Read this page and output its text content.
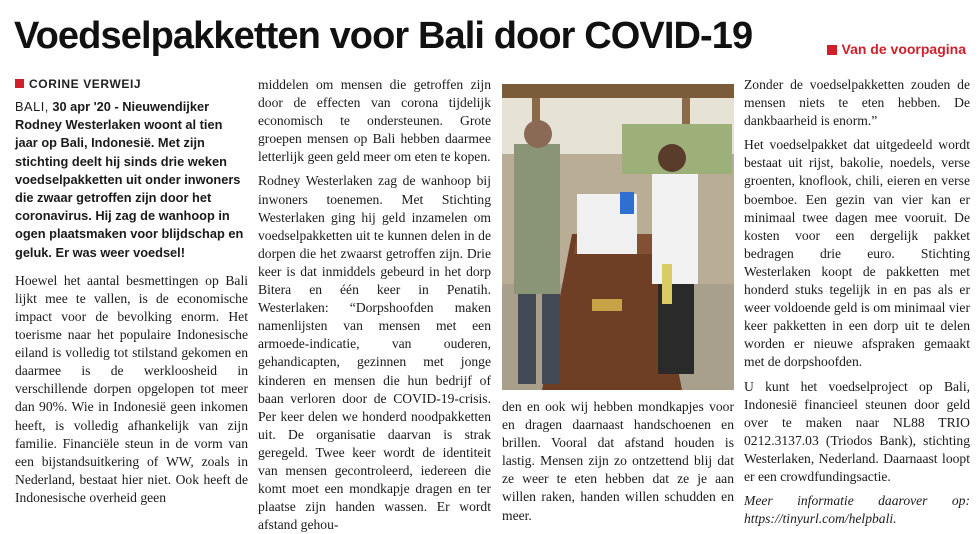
Voedselpakketten voor Bali door COVID-19	Van de voorpagina
CORINE VERWEIJ
BALI, 30 apr '20 - Nieuwendijker Rodney Westerlaken woont al tien jaar op Bali, Indonesië. Met zijn stichting deelt hij sinds drie weken voedselpakketten uit onder inwoners die zwaar getroffen zijn door het coronavirus. Hij zag de wanhoop in ogen plaatsmaken voor blijdschap en geluk. Er was weer voedsel!

Hoewel het aantal besmettingen op Bali lijkt mee te vallen, is de economische impact voor de bevolking enorm. Het toerisme naar het populaire Indonesische eiland is volledig tot stilstand gekomen en daarmee is de werkloosheid in verschillende dorpen opgelopen tot meer dan 90%. Wie in Indonesië geen inkomen heeft, is volledig afhankelijk van zijn familie. Financiële steun in de vorm van een bijstandsuitkering of WW, zoals in Nederland, bestaat hier niet. Ook heeft de Indonesische overheid geen

middelen om mensen die getroffen zijn door de effecten van corona tijdelijk economisch te ondersteunen. Grote groepen mensen op Bali hebben daarmee letterlijk geen geld meer om eten te kopen.

Rodney Westerlaken zag de wanhoop bij inwoners toenemen. Met Stichting Westerlaken ging hij geld inzamelen om voedselpakketten uit te kunnen delen in de dorpen die het zwaarst getroffen zijn. Drie keer is dat inmiddels gebeurd in het dorp Bitera en één keer in Penatih. Westerlaken: “Dorpshoofden maken namenlijsten van mensen met een armoede-indicatie, van ouderen, gehandicapten, gezinnen met jonge kinderen en mensen die hun bedrijf of baan verloren door de COVID-19-crisis. Per keer delen we honderd noodpakketten uit. De organisatie daarvan is strak geregeld. Twee keer wordt de identiteit van mensen gecontroleerd, iedereen die komt moet een mondkapje dragen en ter plaatse zijn handen wassen. Er wordt afstand gehou-

den en ook wij hebben mondkapjes voor en dragen daarnaast handschoenen en brillen. Vooral dat afstand houden is lastig. Mensen zijn zo ontzettend blij dat ze weer te eten hebben dat ze je aan willen raken, handen willen schudden en meer.

Zonder de voedselpakketten zouden de mensen niets te eten hebben. De dankbaarheid is enorm.”

Het voedselpakket dat uitgedeeld wordt bestaat uit rijst, bakolie, noedels, verse groenten, knoflook, chili, eieren en verse boemboe. Een gezin van vier kan er minimaal twee dagen mee vooruit. De kosten voor een dergelijk pakket bedragen drie euro. Stichting Westerlaken koopt de pakketten met honderd stuks tegelijk in en pas als er weer voldoende geld is om minimaal vier keer pakketten in een dorp uit te delen worden er nieuwe afspraken gemaakt met de dorpshoofden.

U kunt het voedselproject op Bali, Indonesië financieel steunen door geld over te maken naar NL88 TRIO 0212.3137.03 (Triodos Bank), stichting Westerlaken, Nederland. Daarnaast loopt er een crowdfundingsactie.

Meer informatie daarover op: https://tinyurl.com/helpbali.
